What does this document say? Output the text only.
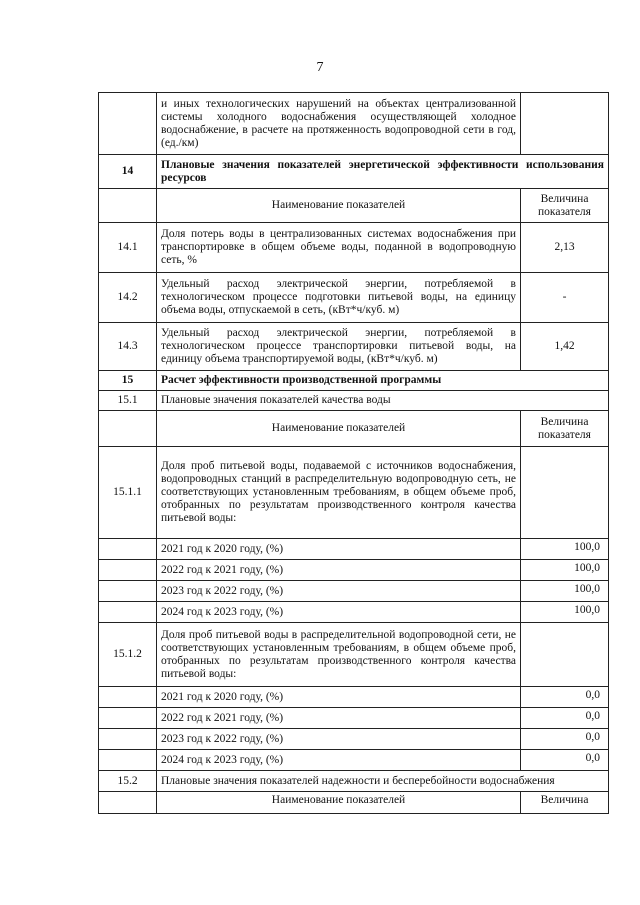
7
	и иных технологических нарушений на объектах централизованной системы холодного водоснабжения осуществляющей холодное водоснабжение, в расчете на протяженность водопроводной сети в год, (ед./км)	
14	Плановые значения показателей энергетической эффективности использования ресурсов	
	Наименование показателей	Величина показателя
14.1	Доля потерь воды в централизованных системах водоснабжения при транспортировке в общем объеме воды, поданной в водопроводную сеть, %	2,13
14.2	Удельный расход электрической энергии, потребляемой в технологическом процессе подготовки питьевой воды, на единицу объема воды, отпускаемой в сеть, (кВт*ч/куб. м)	-
14.3	Удельный расход электрической энергии, потребляемой в технологическом процессе транспортировки питьевой воды, на единицу объема транспортируемой воды, (кВт*ч/куб. м)	1,42
15	Расчет эффективности производственной программы	
15.1	Плановые значения показателей качества воды	
	Наименование показателей	Величина показателя
15.1.1	Доля проб питьевой воды, подаваемой с источников водоснабжения, водопроводных станций в распределительную водопроводную сеть, не соответствующих установленным требованиям, в общем объеме проб, отобранных по результатам производственного контроля качества питьевой воды:	
	2021 год к 2020 году, (%)	100,0
	2022 год к 2021 году, (%)	100,0
	2023 год к 2022 году, (%)	100,0
	2024 год к 2023 году, (%)	100,0
15.1.2	Доля проб питьевой воды в распределительной водопроводной сети, не соответствующих установленным требованиям, в общем объеме проб, отобранных по результатам производственного контроля качества питьевой воды:	
	2021 год к 2020 году, (%)	0,0
	2022 год к 2021 году, (%)	0,0
	2023 год к 2022 году, (%)	0,0
	2024 год к 2023 году, (%)	0,0
15.2	Плановые значения показателей надежности и бесперебойности водоснабжения	
	Наименование показателей	Величина
